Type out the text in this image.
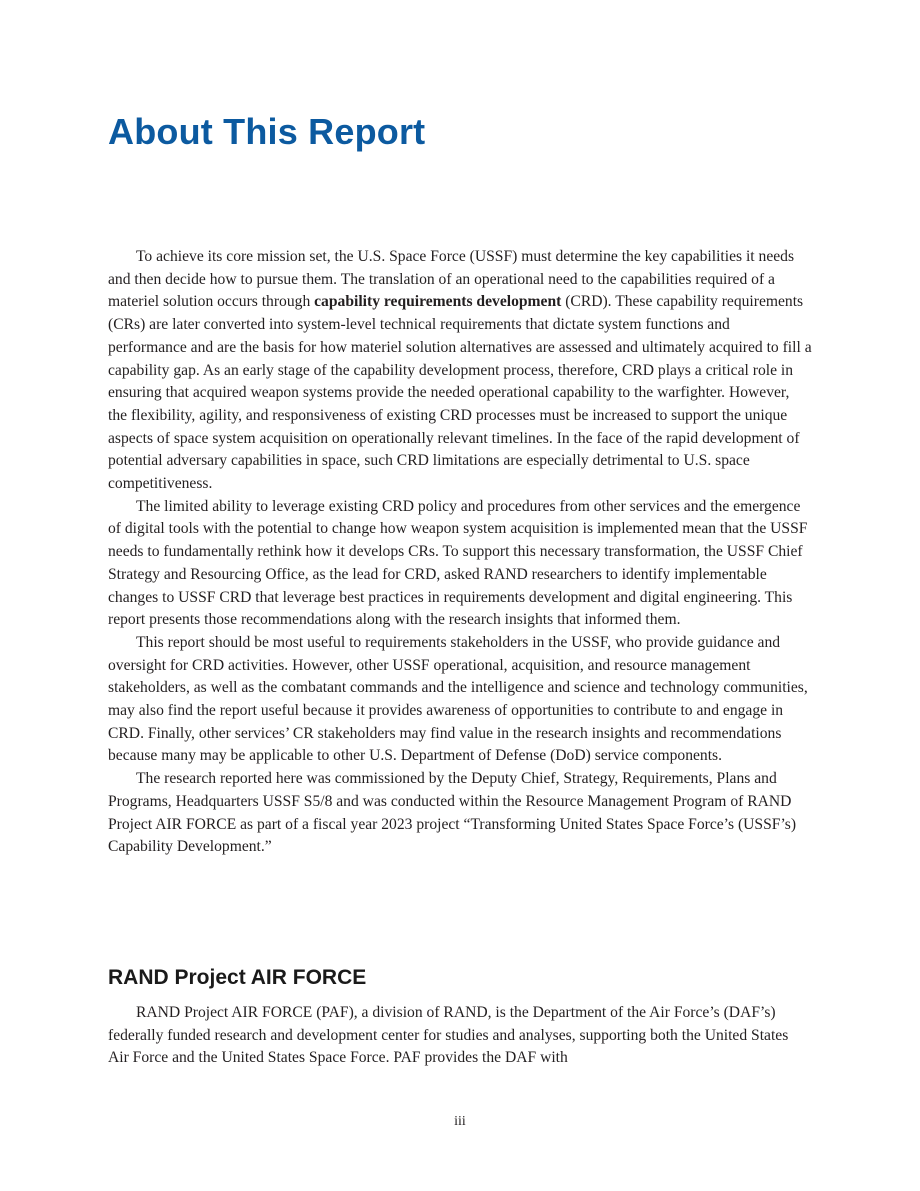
About This Report

To achieve its core mission set, the U.S. Space Force (USSF) must determine the key capabilities it needs and then decide how to pursue them. The translation of an operational need to the capabilities required of a materiel solution occurs through capability requirements development (CRD). These capability requirements (CRs) are later converted into system-level technical requirements that dictate system functions and performance and are the basis for how materiel solution alternatives are assessed and ultimately acquired to fill a capability gap. As an early stage of the capability development process, therefore, CRD plays a critical role in ensuring that acquired weapon systems provide the needed operational capability to the warfighter. However, the flexibility, agility, and responsiveness of existing CRD processes must be increased to support the unique aspects of space system acquisition on operationally relevant timelines. In the face of the rapid development of potential adversary capabilities in space, such CRD limitations are especially detrimental to U.S. space competitiveness.

The limited ability to leverage existing CRD policy and procedures from other services and the emergence of digital tools with the potential to change how weapon system acquisition is implemented mean that the USSF needs to fundamentally rethink how it develops CRs. To support this necessary transformation, the USSF Chief Strategy and Resourcing Office, as the lead for CRD, asked RAND researchers to identify implementable changes to USSF CRD that leverage best practices in requirements development and digital engineering. This report presents those recommendations along with the research insights that informed them.

This report should be most useful to requirements stakeholders in the USSF, who provide guidance and oversight for CRD activities. However, other USSF operational, acquisition, and resource management stakeholders, as well as the combatant commands and the intelligence and science and technology communities, may also find the report useful because it provides awareness of opportunities to contribute to and engage in CRD. Finally, other services’ CR stakeholders may find value in the research insights and recommendations because many may be applicable to other U.S. Department of Defense (DoD) service components.

The research reported here was commissioned by the Deputy Chief, Strategy, Requirements, Plans and Programs, Headquarters USSF S5/8 and was conducted within the Resource Management Program of RAND Project AIR FORCE as part of a fiscal year 2023 project “Transforming United States Space Force’s (USSF’s) Capability Development.”

RAND Project AIR FORCE

RAND Project AIR FORCE (PAF), a division of RAND, is the Department of the Air Force’s (DAF’s) federally funded research and development center for studies and analyses, supporting both the United States Air Force and the United States Space Force. PAF provides the DAF with

iii
